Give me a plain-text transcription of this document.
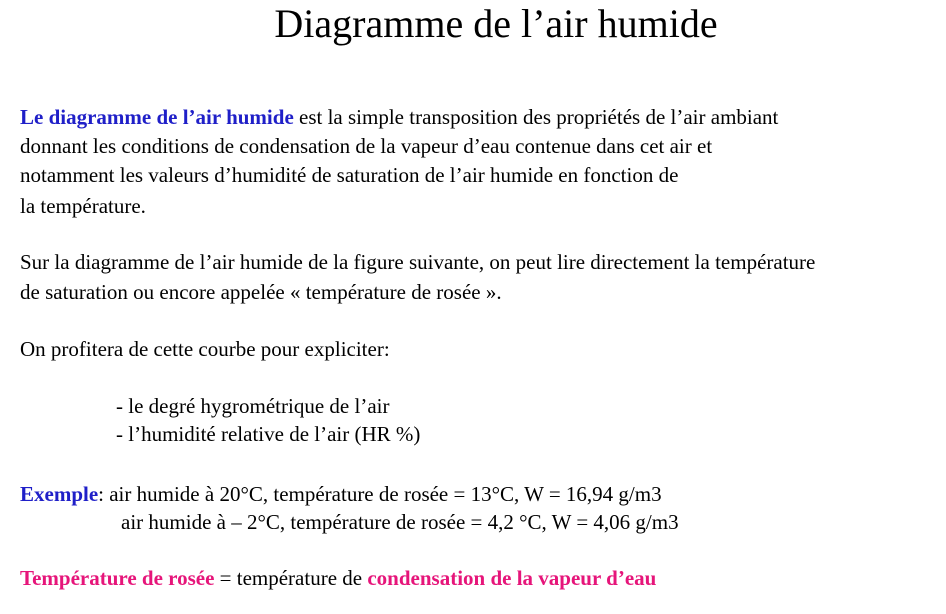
Diagramme de l’air humide
Le diagramme de l’air humide est la simple transposition des propriétés de l’air ambiant
donnant les conditions de condensation de la vapeur d’eau contenue dans cet air et
notamment les valeurs d’humidité de saturation de l’air humide en fonction de
la température.
Sur la diagramme de l’air humide de la figure suivante, on peut lire directement la température
de saturation ou encore appelée « température de rosée ».
On profitera de cette courbe pour expliciter:
- le degré hygrométrique de l’air
- l’humidité relative de l’air (HR %)
Exemple: air humide à 20°C, température de rosée = 13°C, W = 16,94 g/m3
air humide à – 2°C, température de rosée = 4,2 °C, W = 4,06 g/m3
Température de rosée = température de condensation de la vapeur d’eau
